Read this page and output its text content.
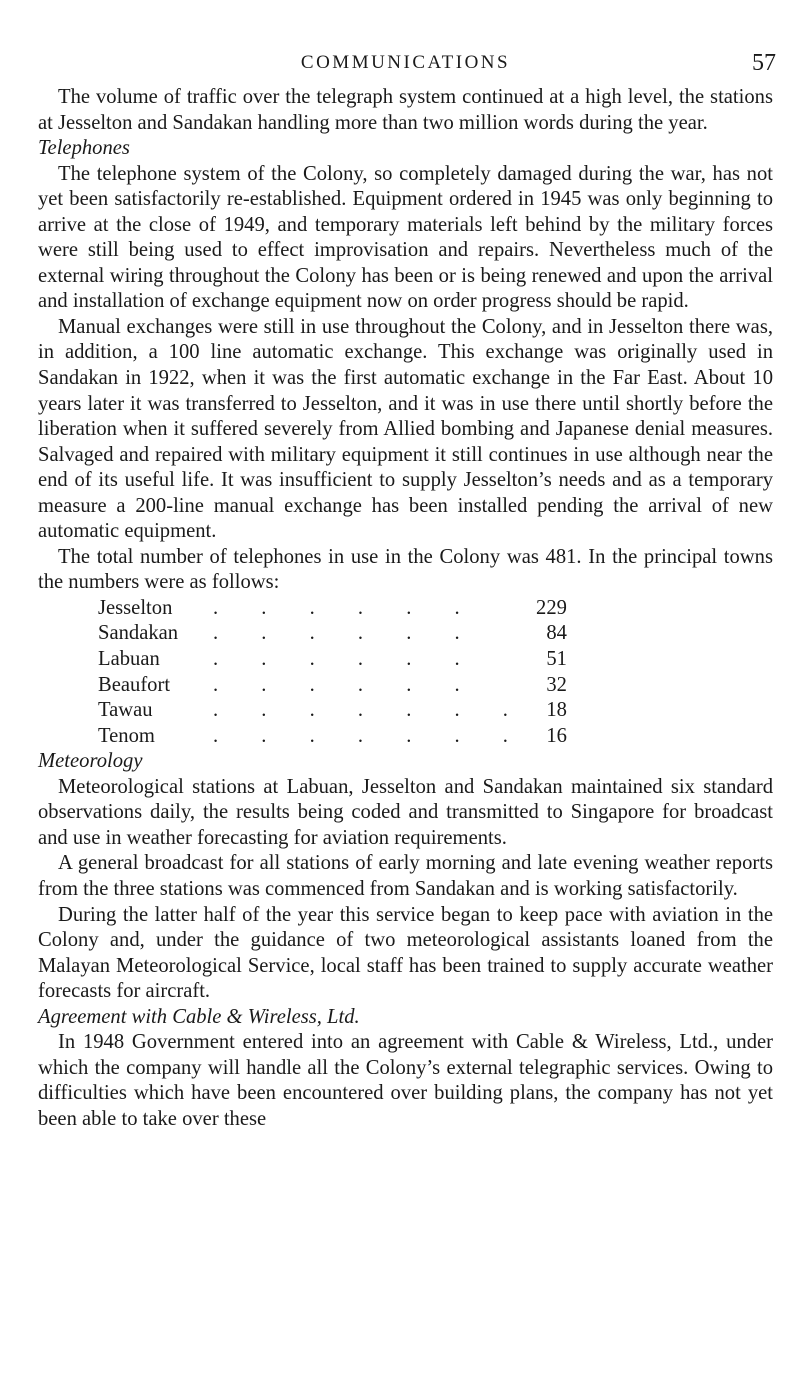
COMMUNICATIONS	57

The volume of traffic over the telegraph system continued at a high level, the stations at Jesselton and Sandakan handling more than two million words during the year.

Telephones

The telephone system of the Colony, so completely damaged during the war, has not yet been satisfactorily re-established. Equipment ordered in 1945 was only beginning to arrive at the close of 1949, and temporary materials left behind by the military forces were still being used to effect improvisation and repairs. Nevertheless much of the external wiring throughout the Colony has been or is being renewed and upon the arrival and installation of exchange equipment now on order progress should be rapid.

Manual exchanges were still in use throughout the Colony, and in Jesselton there was, in addition, a 100 line automatic exchange. This exchange was originally used in Sandakan in 1922, when it was the first automatic exchange in the Far East. About 10 years later it was transferred to Jesselton, and it was in use there until shortly before the liberation when it suffered severely from Allied bombing and Japanese denial measures. Salvaged and repaired with military equipment it still continues in use although near the end of its useful life. It was insufficient to supply Jesselton’s needs and as a temporary measure a 200-line manual exchange has been installed pending the arrival of new automatic equipment.

The total number of telephones in use in the Colony was 481. In the principal towns the numbers were as follows:

Jesselton	. . . . . .	229
Sandakan	. . . . . .	84
Labuan	. . . . . .	51
Beaufort	. . . . . .	32
Tawau	. . . . . . .	18
Tenom	. . . . . . .	16
Meteorology

Meteorological stations at Labuan, Jesselton and Sandakan maintained six standard observations daily, the results being coded and transmitted to Singapore for broadcast and use in weather forecasting for aviation requirements.

A general broadcast for all stations of early morning and late evening weather reports from the three stations was commenced from Sandakan and is working satisfactorily.

During the latter half of the year this service began to keep pace with aviation in the Colony and, under the guidance of two meteorological assistants loaned from the Malayan Meteorological Service, local staff has been trained to supply accurate weather forecasts for aircraft.

Agreement with Cable & Wireless, Ltd.

In 1948 Government entered into an agreement with Cable & Wireless, Ltd., under which the company will handle all the Colony’s external telegraphic services. Owing to difficulties which have been encountered over building plans, the company has not yet been able to take over these
